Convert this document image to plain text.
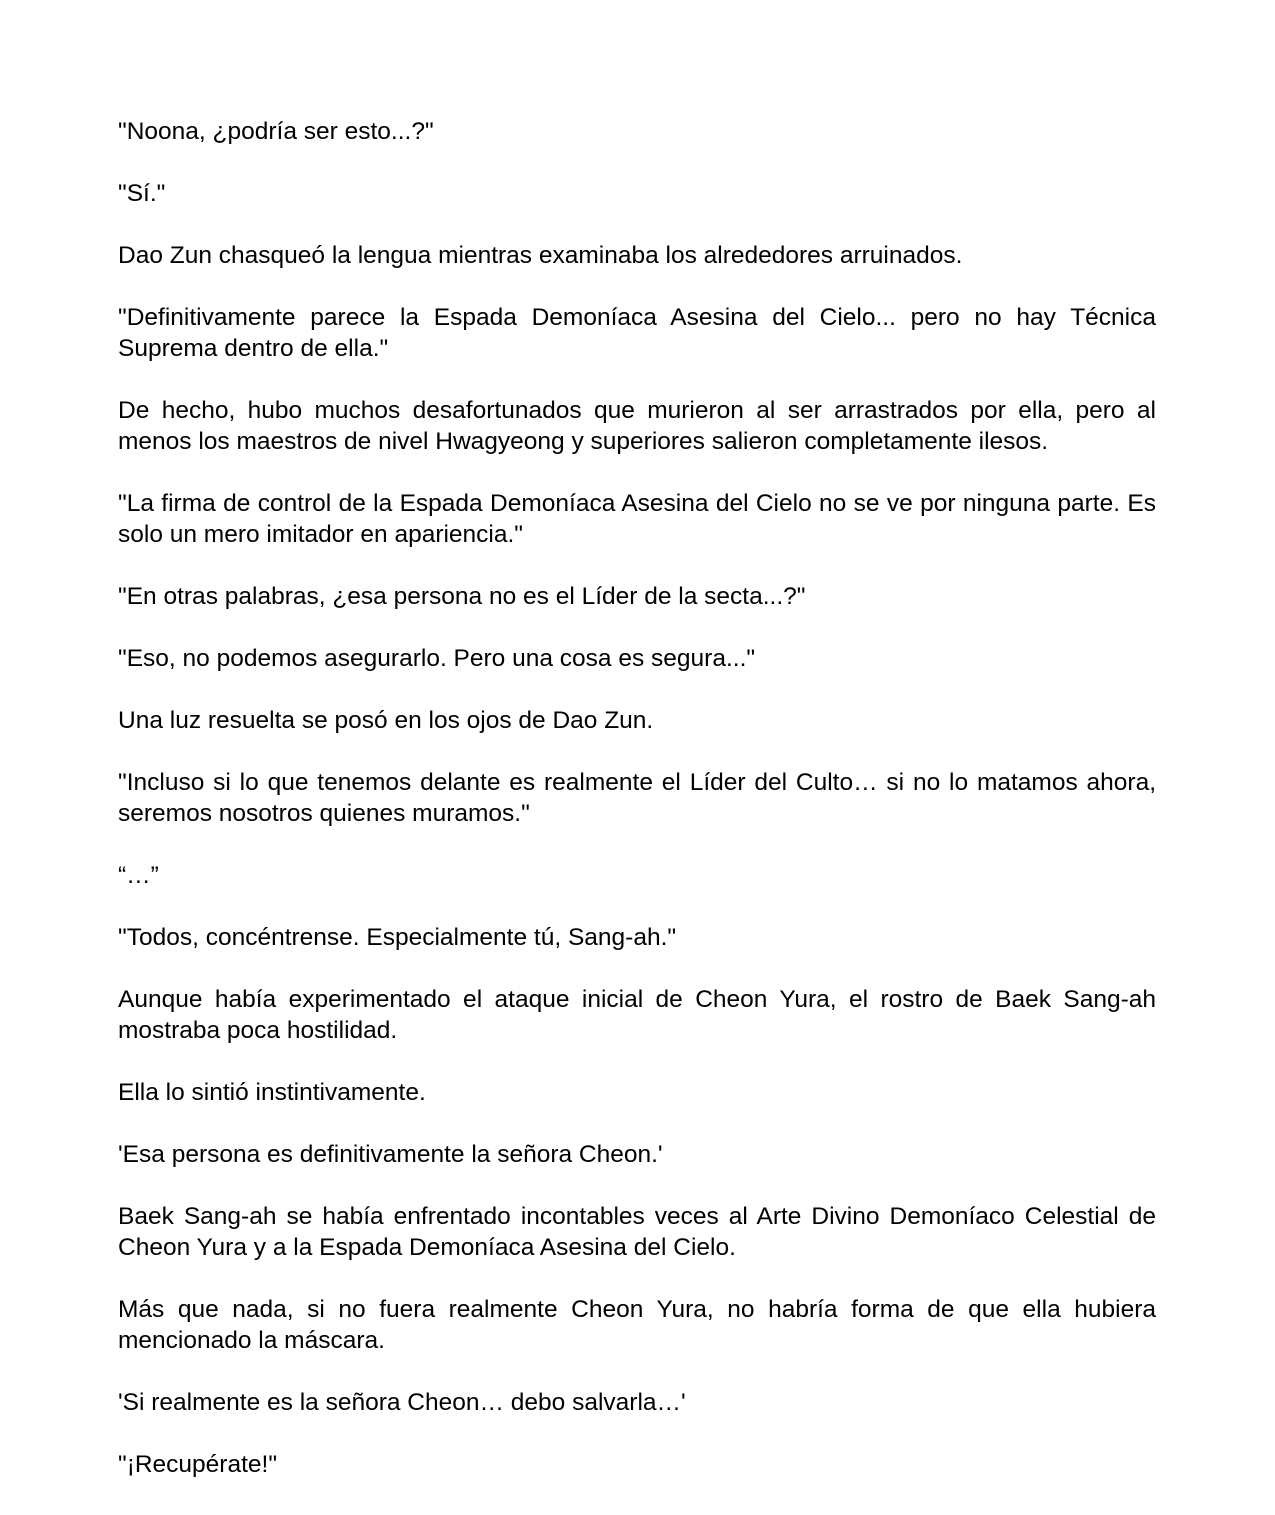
"Noona, ¿podría ser esto...?"

"Sí."

Dao Zun chasqueó la lengua mientras examinaba los alrededores arruinados.

"Definitivamente parece la Espada Demoníaca Asesina del Cielo... pero no hay Técnica Suprema dentro de ella."

De hecho, hubo muchos desafortunados que murieron al ser arrastrados por ella, pero al menos los maestros de nivel Hwagyeong y superiores salieron completamente ilesos.

"La firma de control de la Espada Demoníaca Asesina del Cielo no se ve por ninguna parte. Es solo un mero imitador en apariencia."

"En otras palabras, ¿esa persona no es el Líder de la secta...?"

"Eso, no podemos asegurarlo. Pero una cosa es segura..."

Una luz resuelta se posó en los ojos de Dao Zun.

"Incluso si lo que tenemos delante es realmente el Líder del Culto… si no lo matamos ahora, seremos nosotros quienes muramos."

“…”

"Todos, concéntrense. Especialmente tú, Sang-ah."

Aunque había experimentado el ataque inicial de Cheon Yura, el rostro de Baek Sang-ah mostraba poca hostilidad.

Ella lo sintió instintivamente.

'Esa persona es definitivamente la señora Cheon.'

Baek Sang-ah se había enfrentado incontables veces al Arte Divino Demoníaco Celestial de Cheon Yura y a la Espada Demoníaca Asesina del Cielo.

Más que nada, si no fuera realmente Cheon Yura, no habría forma de que ella hubiera mencionado la máscara.

'Si realmente es la señora Cheon… debo salvarla…'

"¡Recupérate!"
